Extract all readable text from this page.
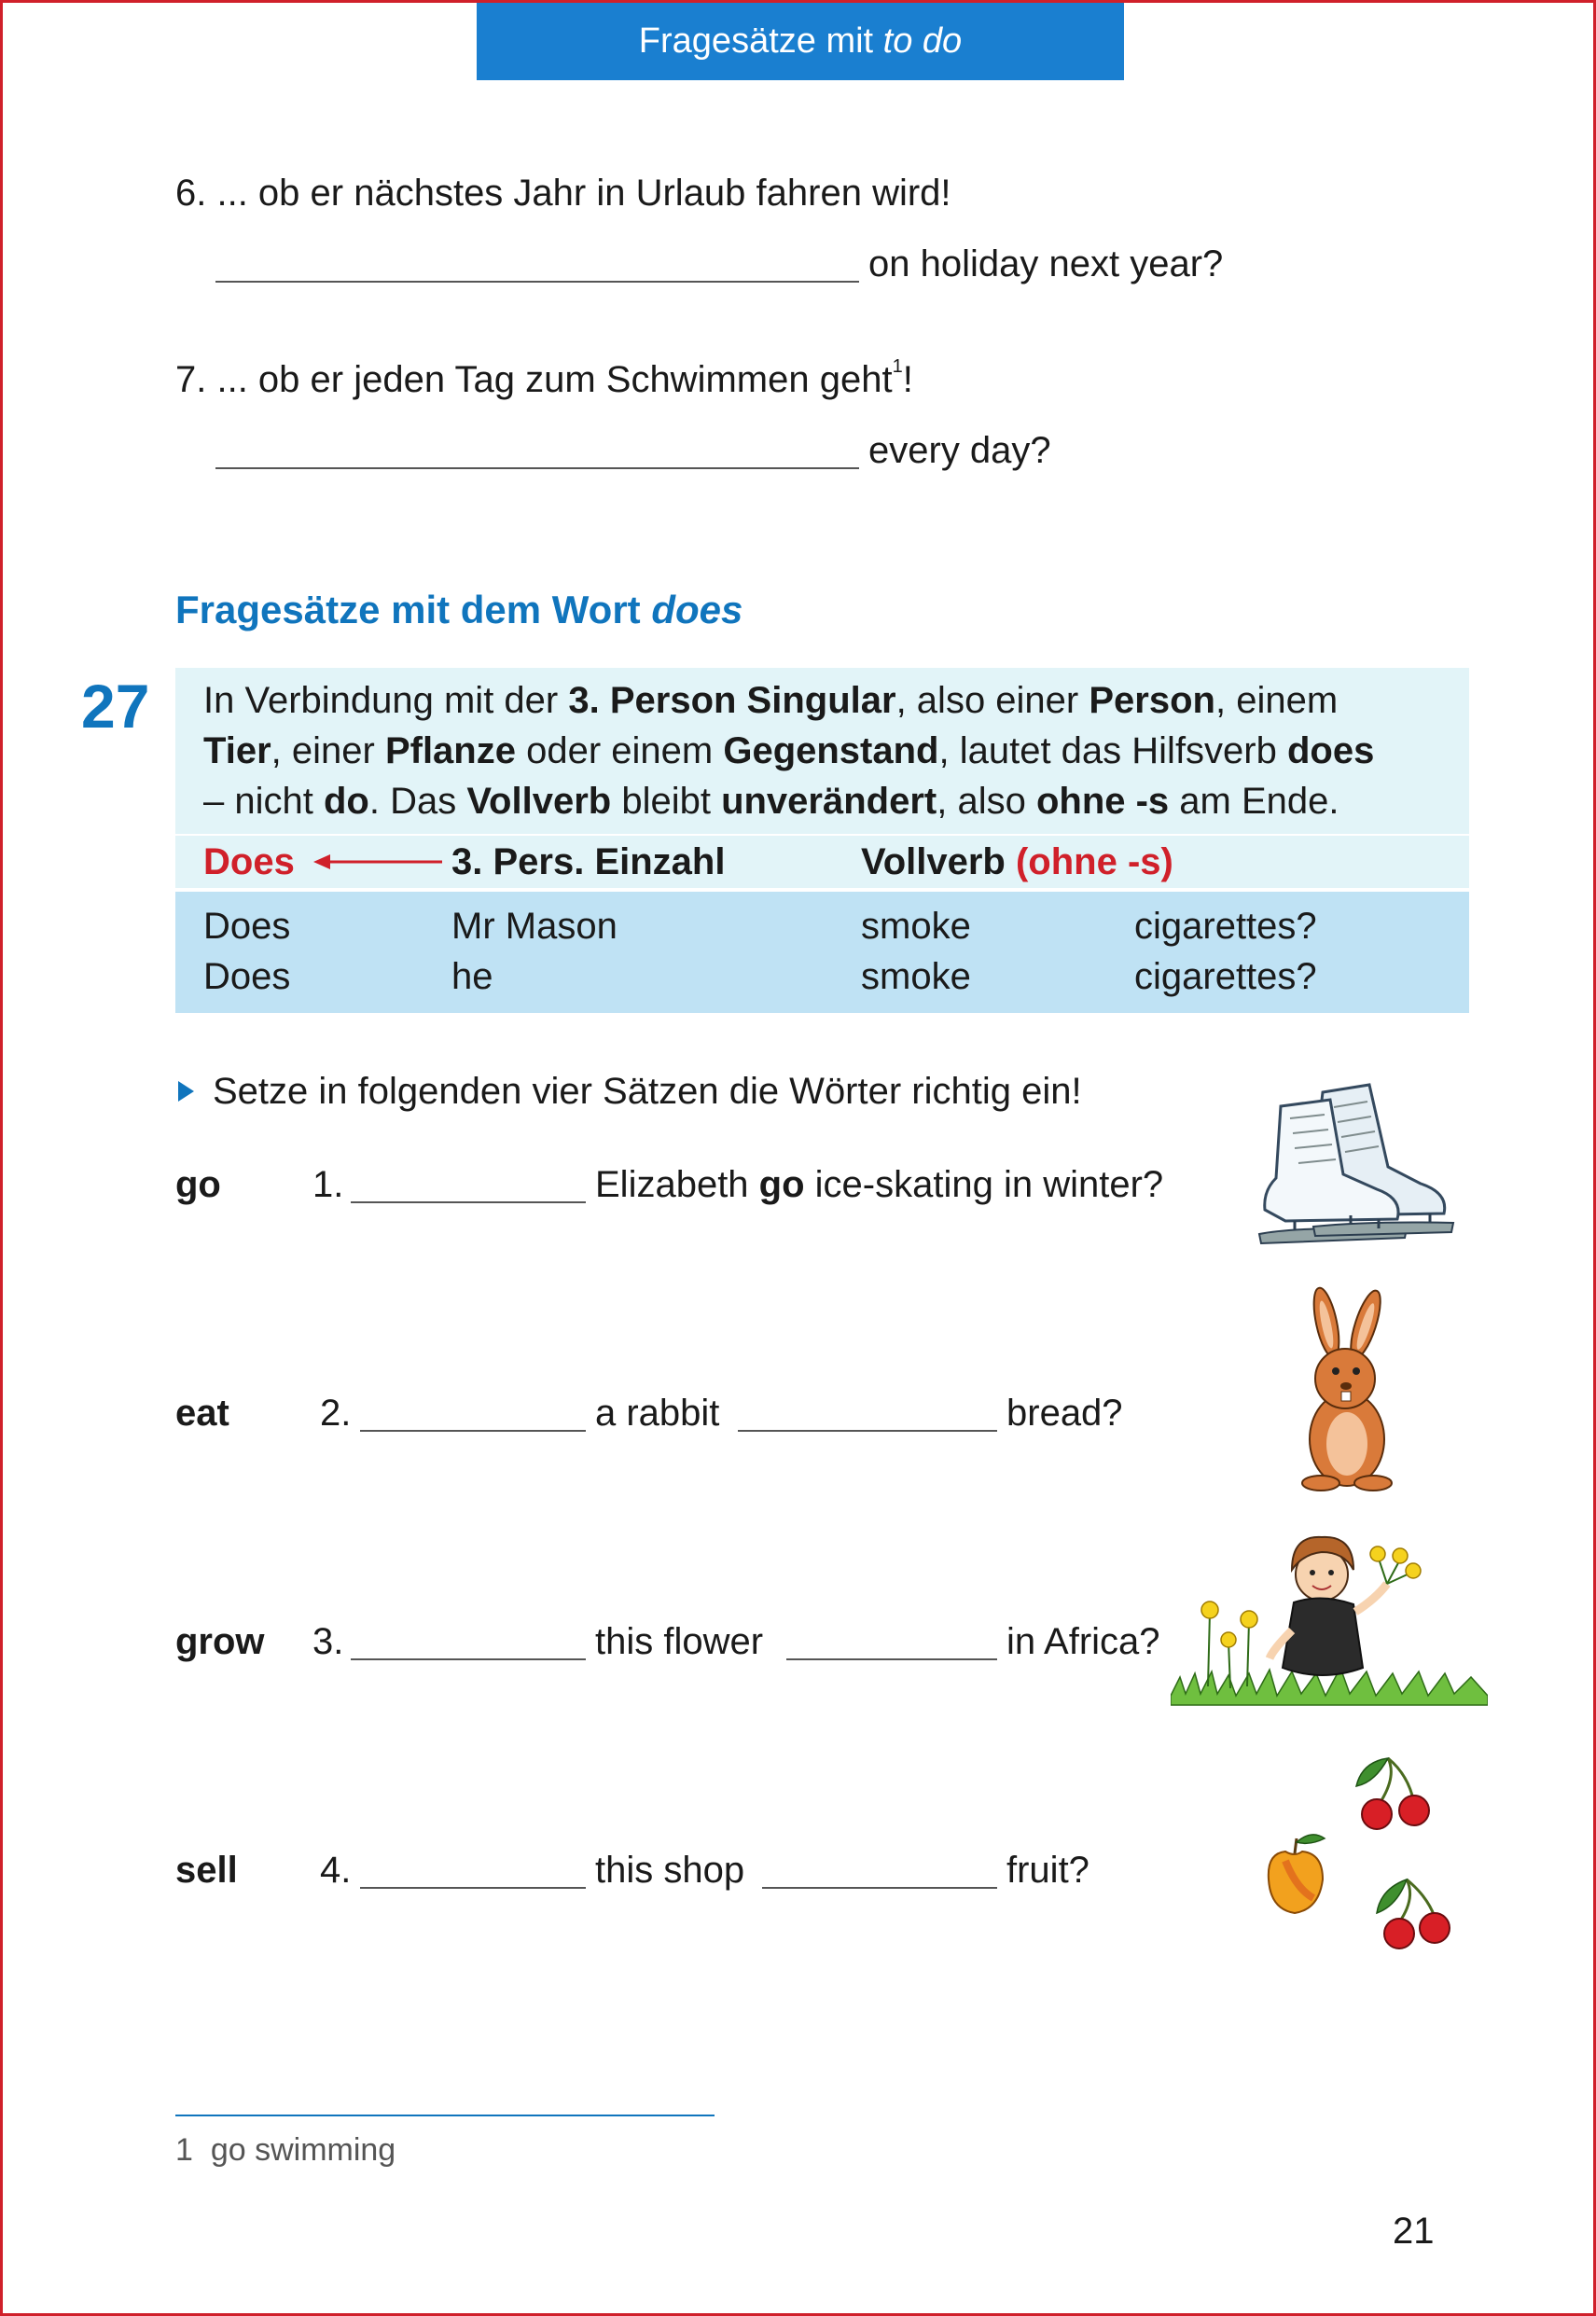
Fragesätze mit to do
6. ... ob er nächstes Jahr in Urlaub fahren wird!
on holiday next year?
7. ... ob er jeden Tag zum Schwimmen geht$^1$!
every day?
Fragesätze mit dem Wort does
27 In Verbindung mit der 3. Person Singular, also einer Person, einem
Tier, einer Pflanze oder einem Gegenstand, lautet das Hilfsverb does
– nicht do. Das Vollverb bleibt unverändert, also ohne -s am Ende.
Does	3. Pers. Einzahl	Vollverb (ohne -s)
Does	Mr Mason	smoke	cigarettes?
Does	he	smoke	cigarettes?
Setze in folgenden vier Sätzen die Wörter richtig ein!
go 1.	Elizabeth go ice-skating in winter?
eat 2.	a rabbit	bread?
grow 3.	this flower	in Africa?
sell 4.	this shop	fruit?
1 go swimming
21
